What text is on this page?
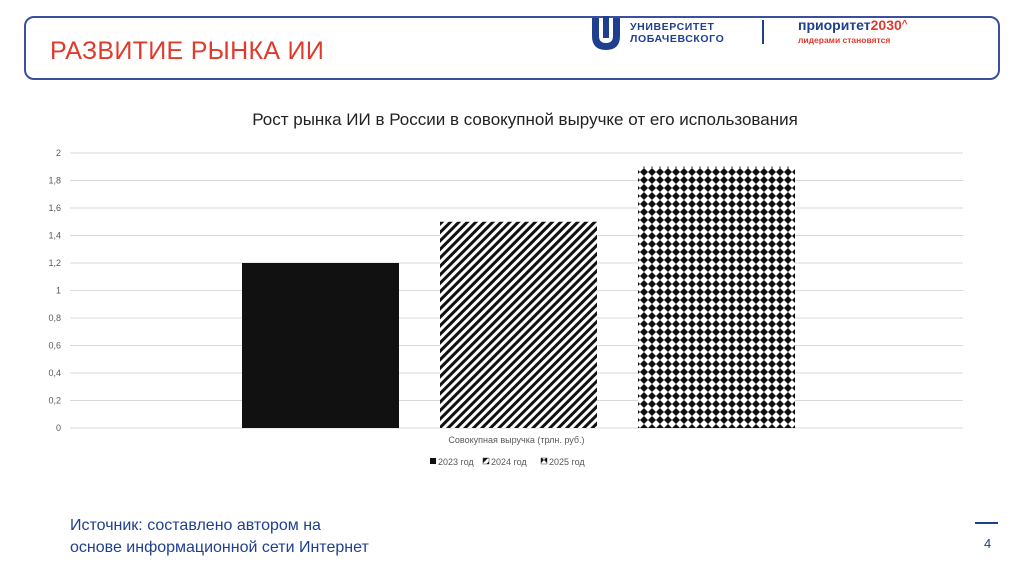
РАЗВИТИЕ РЫНКА ИИ
УНИВЕРСИТЕТ
ЛОБАЧЕВСКОГО
приоритет2030^
лидерами становятся
Рост рынка ИИ в России в совокупной выручке от его использования
0
0,2
0,4
0,6
0,8
1
1,2
1,4
1,6
1,8
2
Совокупная выручка (трлн. руб.)
2023 год 2024 год 2025 год
Источник: составлено автором на
основе информационной сети Интернет	4
